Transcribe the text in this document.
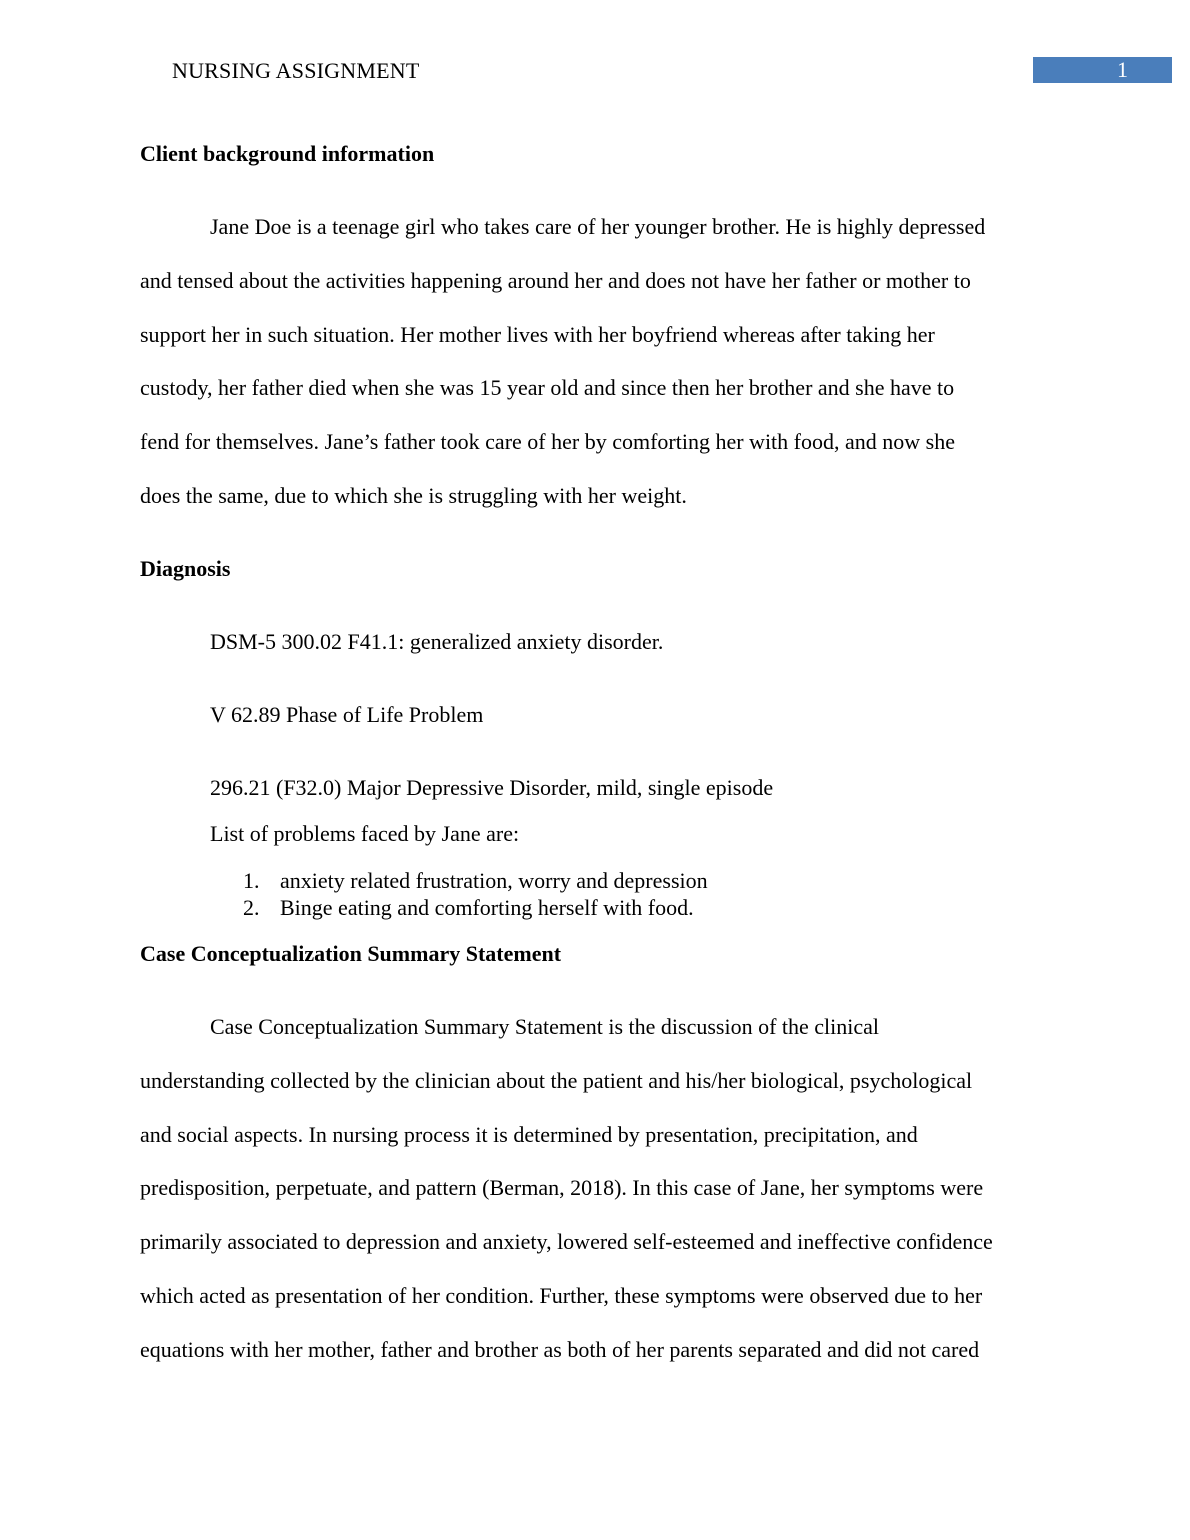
NURSING ASSIGNMENT	1
Client background information
Jane Doe is a teenage girl who takes care of her younger brother. He is highly depressed
and tensed about the activities happening around her and does not have her father or mother to
support her in such situation. Her mother lives with her boyfriend whereas after taking her
custody, her father died when she was 15 year old and since then her brother and she have to
fend for themselves. Jane’s father took care of her by comforting her with food, and now she
does the same, due to which she is struggling with her weight.
Diagnosis

DSM-5 300.02 F41.1: generalized anxiety disorder.

V 62.89 Phase of Life Problem

296.21 (F32.0) Major Depressive Disorder, mild, single episode

List of problems faced by Jane are:

1. anxiety related frustration, worry and depression
2. Binge eating and comforting herself with food.
Case Conceptualization Summary Statement
Case Conceptualization Summary Statement is the discussion of the clinical
understanding collected by the clinician about the patient and his/her biological, psychological
and social aspects. In nursing process it is determined by presentation, precipitation, and
predisposition, perpetuate, and pattern (Berman, 2018). In this case of Jane, her symptoms were
primarily associated to depression and anxiety, lowered self-esteemed and ineffective confidence
which acted as presentation of her condition. Further, these symptoms were observed due to her
equations with her mother, father and brother as both of her parents separated and did not cared
